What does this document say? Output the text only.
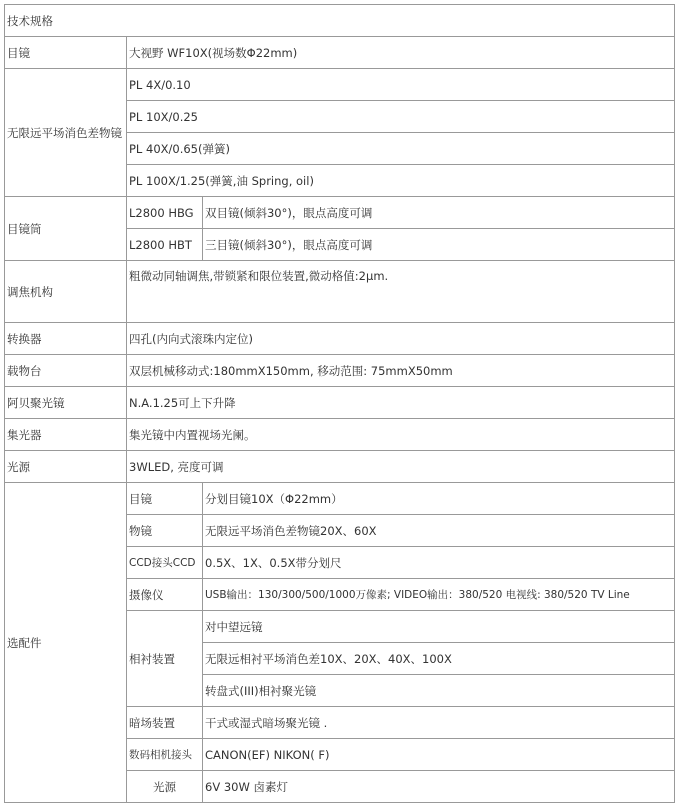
技术规格		
目镜	大视野 WF10X(视场数Φ22mm)	
无限远平场消色差物镜	PL 4X/0.10	
	PL 10X/0.25	
	PL 40X/0.65(弹簧)	
	PL 100X/1.25(弹簧,油 Spring, oil)	
目镜筒	L2800 HBG	双目镜(倾斜30°)，眼点高度可调
	L2800 HBT	三目镜(倾斜30°)，眼点高度可调
调焦机构	粗微动同轴调焦,带锁紧和限位装置,微动格值:2μm.	
转换器	四孔(内向式滚珠内定位)	
载物台	双层机械移动式:180mmX150mm, 移动范围: 75mmX50mm	
阿贝聚光镜	N.A.1.25可上下升降	
集光器	集光镜中内置视场光阑。	
光源	3WLED, 亮度可调	
选配件	目镜	分划目镜10X（Φ22mm）
	物镜	无限远平场消色差物镜20X、60X
	CCD接头CCD	0.5X、1X、0.5X带分划尺
	摄像仪	USB输出：130/300/500/1000万像素; VIDEO输出：380/520 电视线: 380/520 TV Line
	相衬装置	对中望远镜
		无限远相衬平场消色差10X、20X、40X、100X
		转盘式(III)相衬聚光镜
	暗场装置	干式或湿式暗场聚光镜 .
	数码相机接头	CANON(EF) NIKON( F)
	光源	6V 30W 卤素灯
